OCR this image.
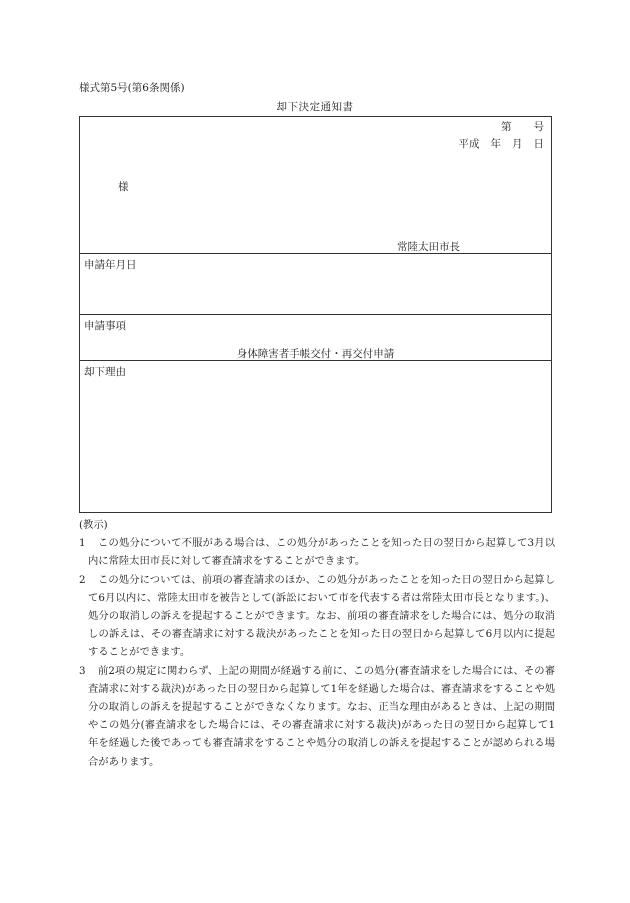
様式第5号(第6条関係)
却下決定通知書
第 号
平成 年 月 日
様
常陸太田市長
申請年月日
申請事項
身体障害者手帳交付・再交付申請
却下理由
(教示)
1	この処分について不服がある場合は、この処分があったことを知った日の翌日から起算して3月以内に常陸太田市長に対して審査請求をすることができます。
2	この処分については、前項の審査請求のほか、この処分があったことを知った日の翌日から起算して6月以内に、常陸太田市を被告として(訴訟において市を代表する者は常陸太田市長となります。)、処分の取消しの訴えを提起することができます。なお、前項の審査請求をした場合には、処分の取消しの訴えは、その審査請求に対する裁決があったことを知った日の翌日から起算して6月以内に提起することができます。
3	前2項の規定に関わらず、上記の期間が経過する前に、この処分(審査請求をした場合には、その審査請求に対する裁決)があった日の翌日から起算して1年を経過した場合は、審査請求をすることや処分の取消しの訴えを提起することができなくなります。なお、正当な理由があるときは、上記の期間やこの処分(審査請求をした場合には、その審査請求に対する裁決)があった日の翌日から起算して1年を経過した後であっても審査請求をすることや処分の取消しの訴えを提起することが認められる場合があります。
